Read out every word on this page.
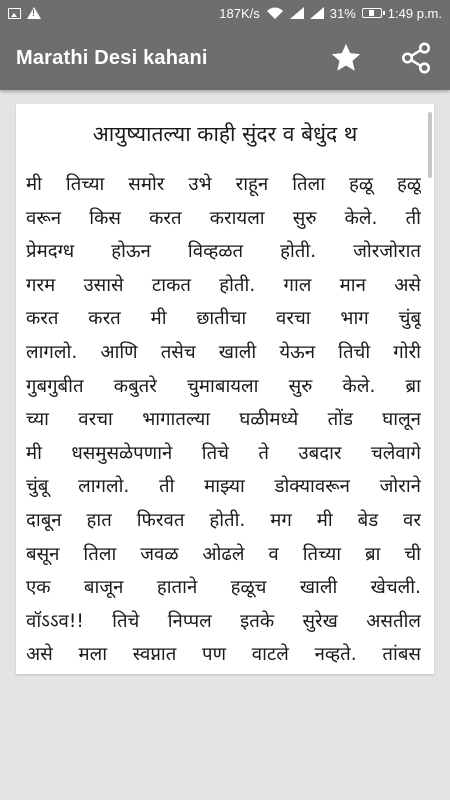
!
187K/s	31% 1:49 p.m.
Marathi Desi kahani
आयुष्यातल्या काही सुंदर व बेधुंद थ
मी तिच्या समोर उभे राहून तिला हळू हळू
वरून किस करत करायला सुरु केले. ती
प्रेमदग्ध होऊन विव्हळत होती. जोरजोरात
गरम उसासे टाकत होती. गाल मान असे
करत करत मी छातीचा वरचा भाग चुंबू
लागलो. आणि तसेच खाली येऊन तिची गोरी
गुबगुबीत कबुतरे चुमाबायला सुरु केले. ब्रा
च्या वरचा भागातल्या घळीमध्ये तोंड घालून
मी धसमुसळेपणाने तिचे ते उबदार चलेवागे
चुंबू लागलो. ती माझ्या डोक्यावरून जोराने
दाबून हात फिरवत होती. मग मी बेड वर
बसून तिला जवळ ओढले व तिच्या ब्रा ची
एक बाजून हाताने हळूच खाली खेचली.
वॉऽऽव!! तिचे निप्पल इतके सुरेख असतील
असे मला स्वप्नात पण वाटले नव्हते. तांबस
